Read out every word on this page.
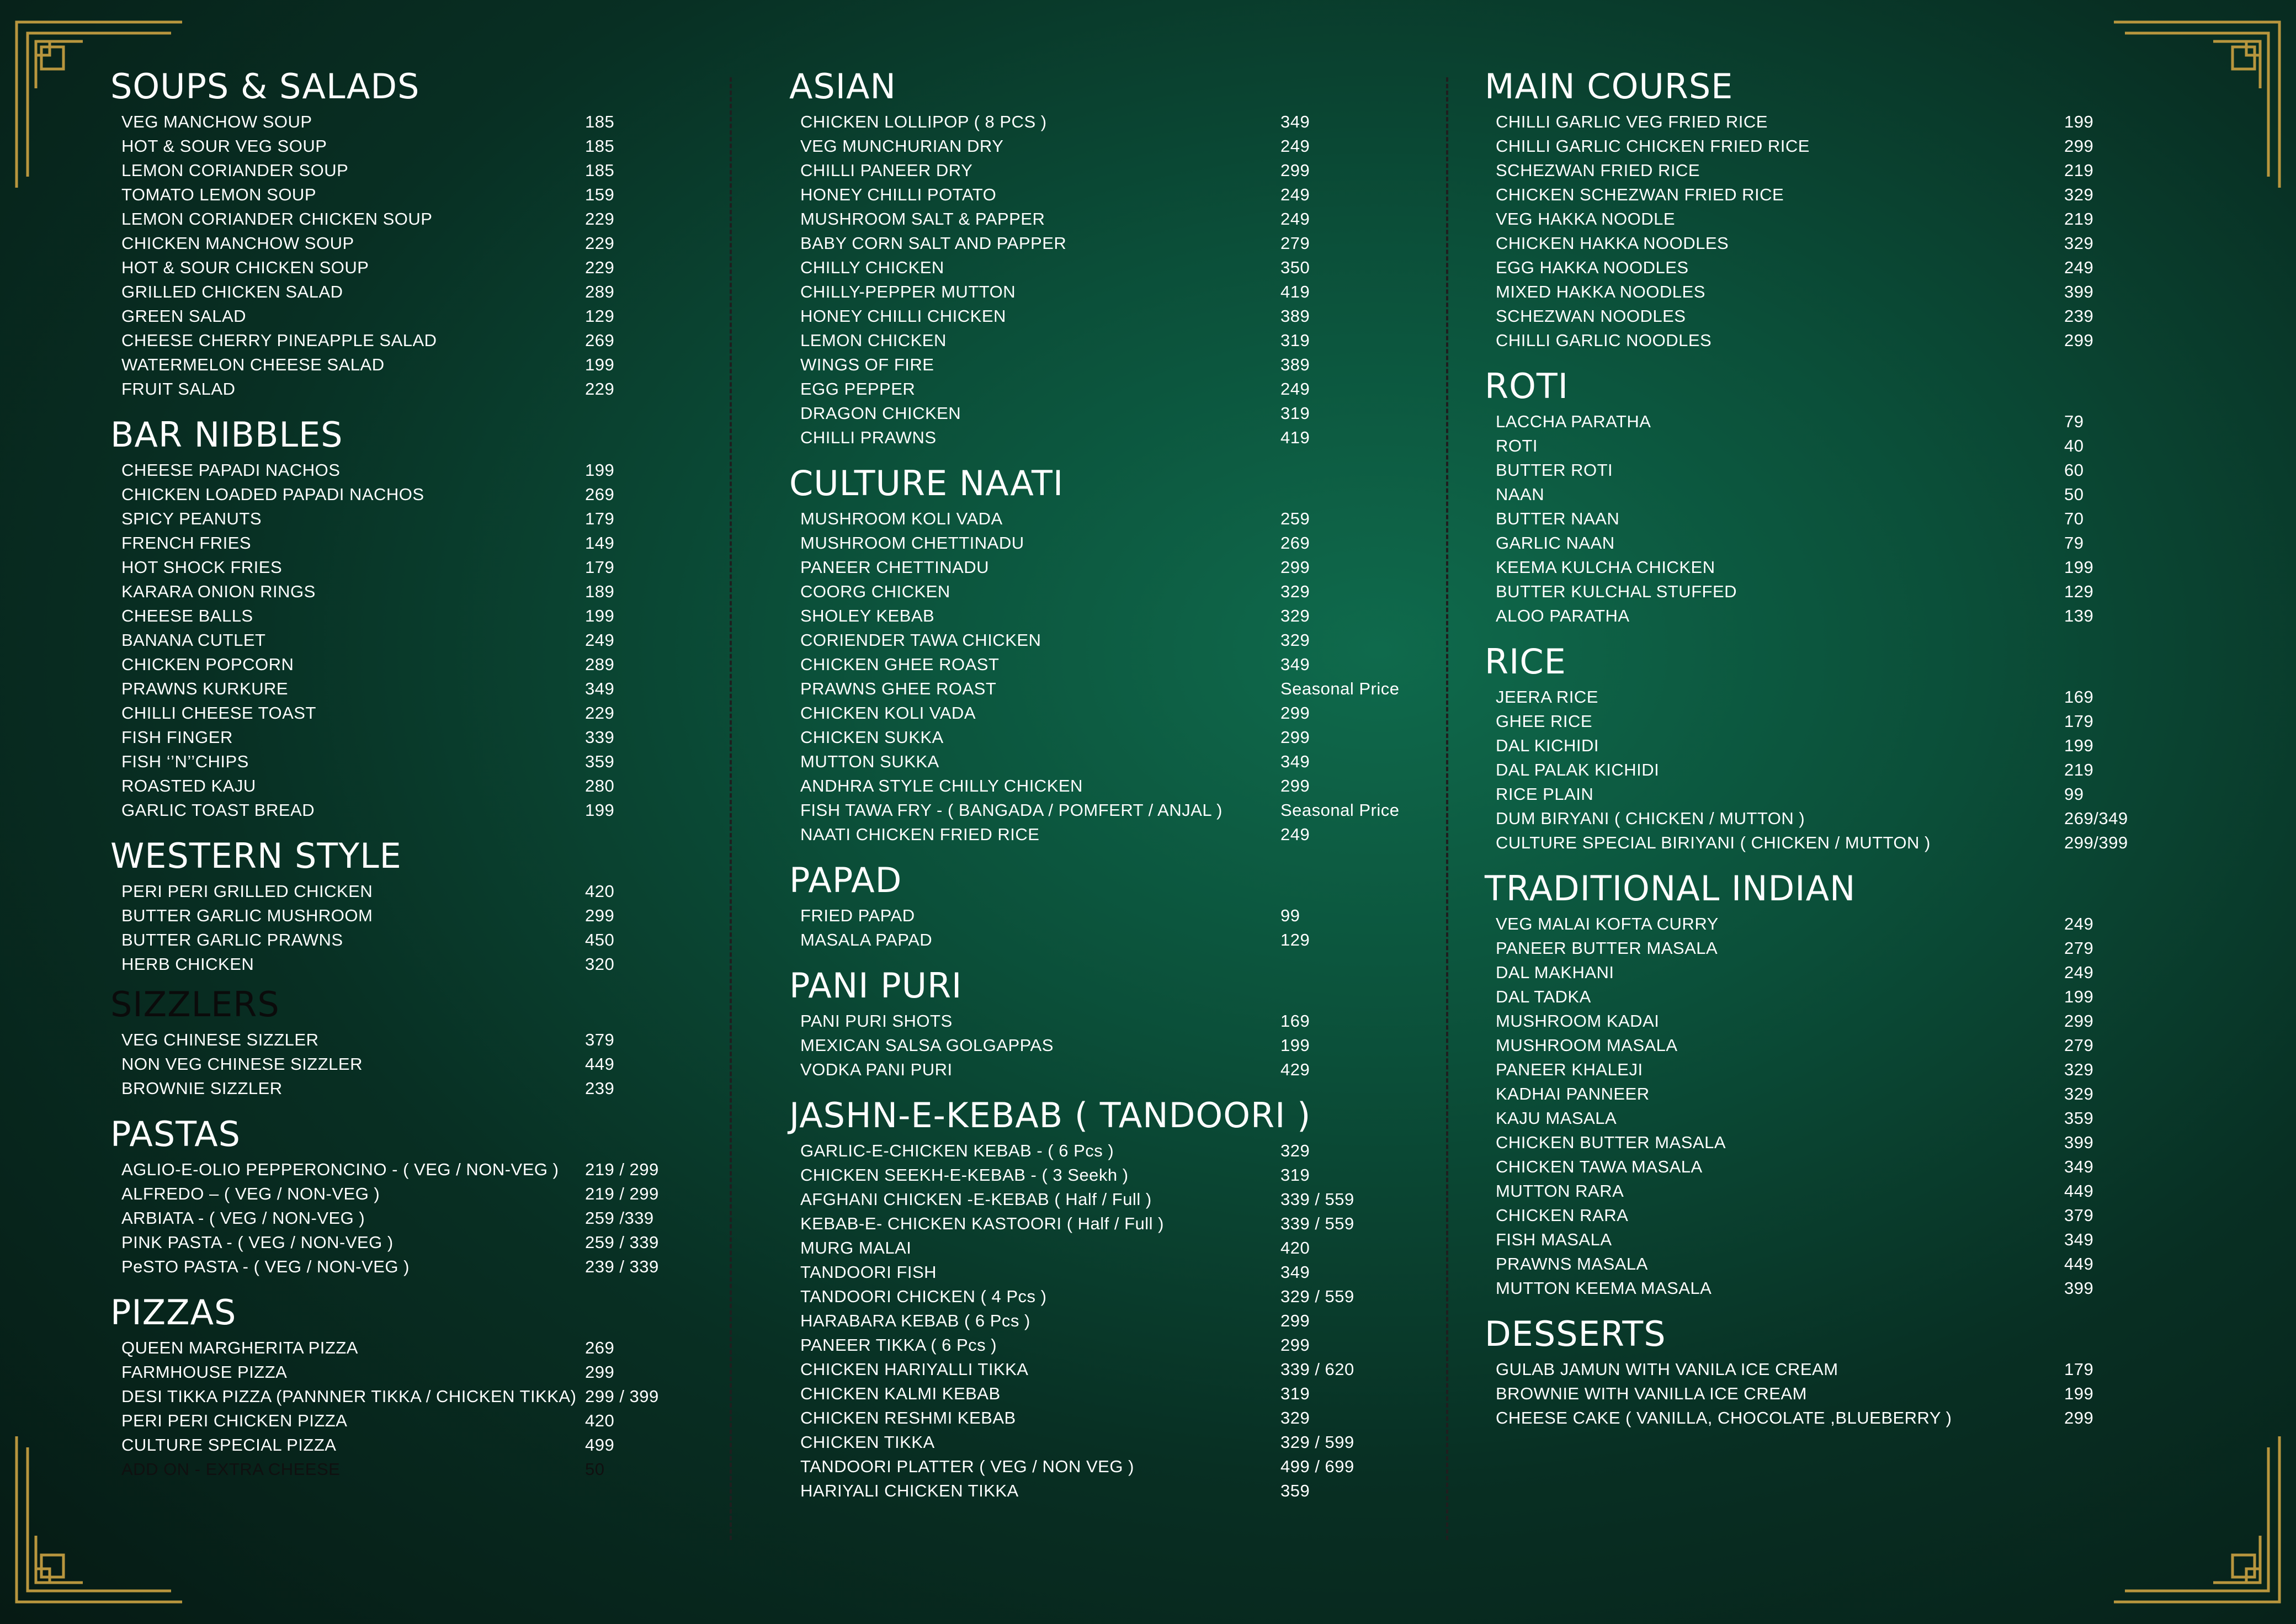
SOUPS & SALADS
VEG MANCHOW SOUP	185
HOT & SOUR VEG SOUP	185
LEMON CORIANDER SOUP	185
TOMATO LEMON SOUP	159
LEMON CORIANDER CHICKEN SOUP	229
CHICKEN MANCHOW SOUP	229
HOT & SOUR CHICKEN SOUP	229
GRILLED CHICKEN SALAD	289
GREEN SALAD	129
CHEESE CHERRY PINEAPPLE SALAD	269
WATERMELON CHEESE SALAD	199
FRUIT SALAD	229
BAR NIBBLES
CHEESE PAPADI NACHOS	199
CHICKEN LOADED PAPADI NACHOS	269
SPICY PEANUTS	179
FRENCH FRIES	149
HOT SHOCK FRIES	179
KARARA ONION RINGS	189
CHEESE BALLS	199
BANANA CUTLET	249
CHICKEN POPCORN	289
PRAWNS KURKURE	349
CHILLI CHEESE TOAST	229
FISH FINGER	339
FISH ‘’N’’CHIPS	359
ROASTED KAJU	280
GARLIC TOAST BREAD	199
WESTERN STYLE
PERI PERI GRILLED CHICKEN	420
BUTTER GARLIC MUSHROOM	299
BUTTER GARLIC PRAWNS	450
HERB CHICKEN	320
SIZZLERS
VEG CHINESE SIZZLER	379
NON VEG CHINESE SIZZLER	449
BROWNIE SIZZLER	239
PASTAS
AGLIO-E-OLIO PEPPERONCINO - ( VEG / NON-VEG ) 219 / 299
ALFREDO – ( VEG / NON-VEG )	219 / 299
ARBIATA - ( VEG / NON-VEG )	259 /339
PINK PASTA - ( VEG / NON-VEG )	259 / 339
PeSTO PASTA - ( VEG / NON-VEG )	239 / 339
PIZZAS
QUEEN MARGHERITA PIZZA	269
FARMHOUSE PIZZA	299
DESI TIKKA PIZZA (PANNNER TIKKA / CHICKEN TIKKA) 299 / 399
PERI PERI CHICKEN PIZZA	420
CULTURE SPECIAL PIZZA	499
ADD ON - EXTRA CHEESE	50
ASIAN
CHICKEN LOLLIPOP ( 8 PCS )	349
VEG MUNCHURIAN DRY	249
CHILLI PANEER DRY	299
HONEY CHILLI POTATO	249
MUSHROOM SALT & PAPPER	249
BABY CORN SALT AND PAPPER	279
CHILLY CHICKEN	350
CHILLY-PEPPER MUTTON	419
HONEY CHILLI CHICKEN	389
LEMON CHICKEN	319
WINGS OF FIRE	389
EGG PEPPER	249
DRAGON CHICKEN	319
CHILLI PRAWNS	419
CULTURE NAATI
MUSHROOM KOLI VADA	259
MUSHROOM CHETTINADU	269
PANEER CHETTINADU	299
COORG CHICKEN	329
SHOLEY KEBAB	329
CORIENDER TAWA CHICKEN	329
CHICKEN GHEE ROAST	349
PRAWNS GHEE ROAST	Seasonal Price
CHICKEN KOLI VADA	299
CHICKEN SUKKA	299
MUTTON SUKKA	349
ANDHRA STYLE CHILLY CHICKEN	299
FISH TAWA FRY - ( BANGADA / POMFERT / ANJAL )	Seasonal Price
NAATI CHICKEN FRIED RICE	249
PAPAD
FRIED PAPAD	99
MASALA PAPAD	129
PANI PURI
PANI PURI SHOTS	169
MEXICAN SALSA GOLGAPPAS	199
VODKA PANI PURI	429
JASHN-E-KEBAB ( TANDOORI )
GARLIC-E-CHICKEN KEBAB - ( 6 Pcs )	329
CHICKEN SEEKH-E-KEBAB - ( 3 Seekh )	319
AFGHANI CHICKEN -E-KEBAB ( Half / Full )	339 / 559
KEBAB-E- CHICKEN KASTOORI ( Half / Full )	339 / 559
MURG MALAI	420
TANDOORI FISH	349
TANDOORI CHICKEN ( 4 Pcs )	329 / 559
HARABARA KEBAB ( 6 Pcs )	299
PANEER TIKKA ( 6 Pcs )	299
CHICKEN HARIYALLI TIKKA	339 / 620
CHICKEN KALMI KEBAB	319
CHICKEN RESHMI KEBAB	329
CHICKEN TIKKA	329 / 599
TANDOORI PLATTER ( VEG / NON VEG )	499 / 699
HARIYALI CHICKEN TIKKA	359
MAIN COURSE
CHILLI GARLIC VEG FRIED RICE	199
CHILLI GARLIC CHICKEN FRIED RICE	299
SCHEZWAN FRIED RICE	219
CHICKEN SCHEZWAN FRIED RICE	329
VEG HAKKA NOODLE	219
CHICKEN HAKKA NOODLES	329
EGG HAKKA NOODLES	249
MIXED HAKKA NOODLES	399
SCHEZWAN NOODLES	239
CHILLI GARLIC NOODLES	299
ROTI
LACCHA PARATHA	79
ROTI	40
BUTTER ROTI	60
NAAN	50
BUTTER NAAN	70
GARLIC NAAN	79
KEEMA KULCHA CHICKEN	199
BUTTER KULCHAL STUFFED	129
ALOO PARATHA	139
RICE
JEERA RICE	169
GHEE RICE	179
DAL KICHIDI	199
DAL PALAK KICHIDI	219
RICE PLAIN	99
DUM BIRYANI ( CHICKEN / MUTTON )	269/349
CULTURE SPECIAL BIRIYANI ( CHICKEN / MUTTON )	299/399
TRADITIONAL INDIAN
VEG MALAI KOFTA CURRY	249
PANEER BUTTER MASALA	279
DAL MAKHANI	249
DAL TADKA	199
MUSHROOM KADAI	299
MUSHROOM MASALA	279
PANEER KHALEJI	329
KADHAI PANNEER	329
KAJU MASALA	359
CHICKEN BUTTER MASALA	399
CHICKEN TAWA MASALA	349
MUTTON RARA	449
CHICKEN RARA	379
FISH MASALA	349
PRAWNS MASALA	449
MUTTON KEEMA MASALA	399
DESSERTS
GULAB JAMUN WITH VANILA ICE CREAM	179
BROWNIE WITH VANILLA ICE CREAM	199
CHEESE CAKE ( VANILLA, CHOCOLATE ,BLUEBERRY )	299
